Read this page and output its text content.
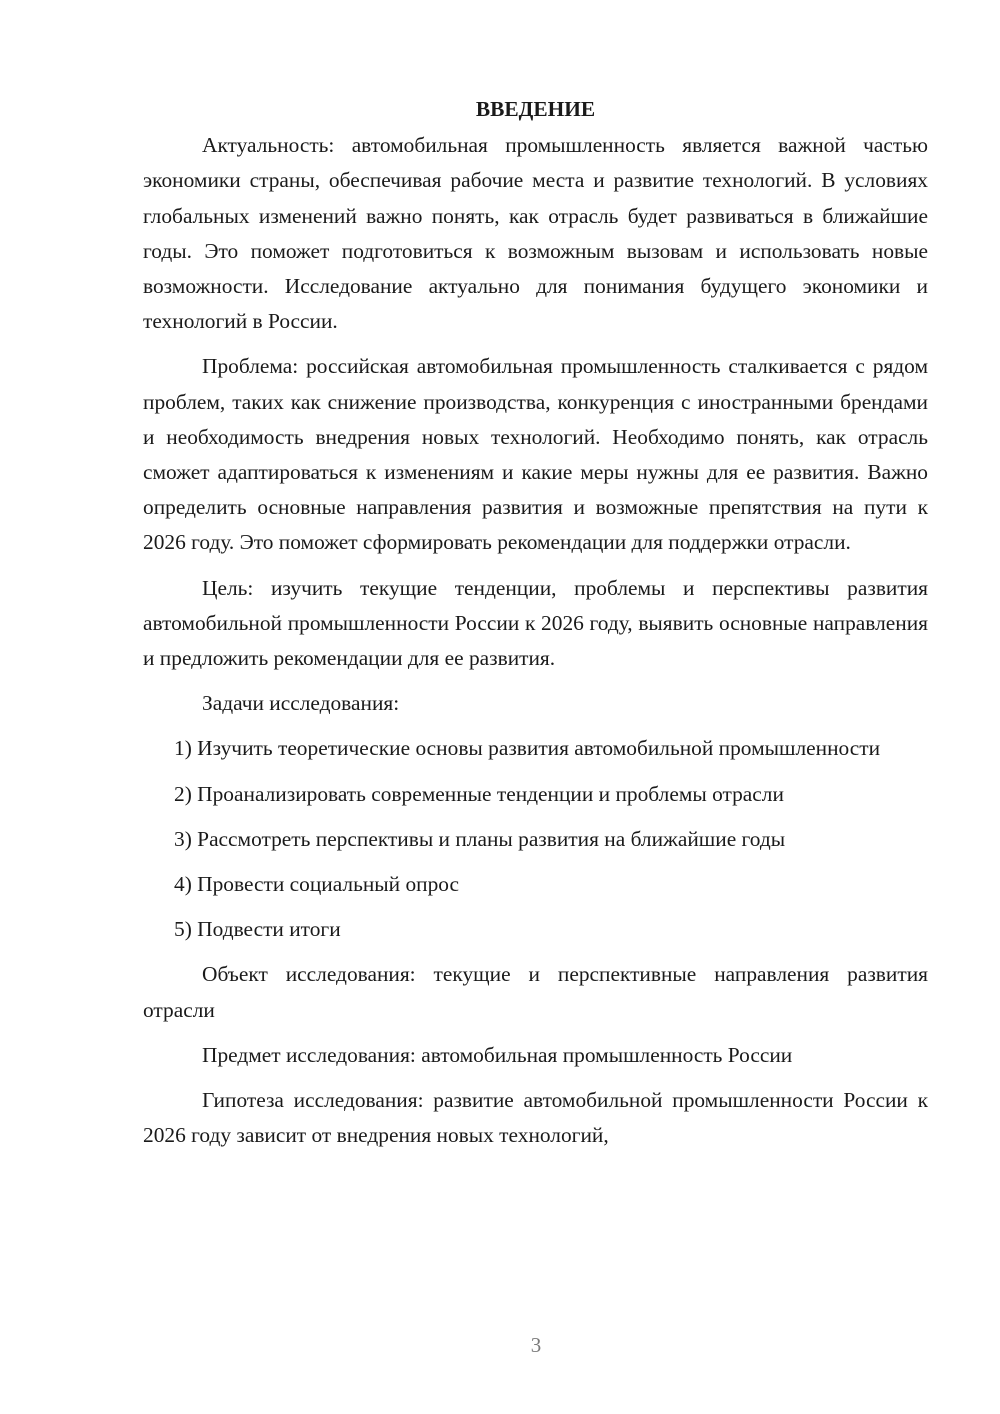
ВВЕДЕНИЕ

Актуальность: автомобильная промышленность является важной частью экономики страны, обеспечивая рабочие места и развитие технологий. В условиях глобальных изменений важно понять, как отрасль будет развиваться в ближайшие годы. Это поможет подготовиться к возможным вызовам и использовать новые возможности. Исследование актуально для понимания будущего экономики и технологий в России.

Проблема: российская автомобильная промышленность сталкивается с рядом проблем, таких как снижение производства, конкуренция с иностранными брендами и необходимость внедрения новых технологий. Необходимо понять, как отрасль сможет адаптироваться к изменениям и какие меры нужны для ее развития. Важно определить основные направления развития и возможные препятствия на пути к 2026 году. Это поможет сформировать рекомендации для поддержки отрасли.

Цель: изучить текущие тенденции, проблемы и перспективы развития автомобильной промышленности России к 2026 году, выявить основные направления и предложить рекомендации для ее развития.

Задачи исследования:

1) Изучить теоретические основы развития автомобильной промышленности

2) Проанализировать современные тенденции и проблемы отрасли

3) Рассмотреть перспективы и планы развития на ближайшие годы

4) Провести социальный опрос

5) Подвести итоги

Объект исследования: текущие и перспективные направления развития отрасли

Предмет исследования: автомобильная промышленность России

Гипотеза исследования: развитие автомобильной промышленности России к 2026 году зависит от внедрения новых технологий,

3
